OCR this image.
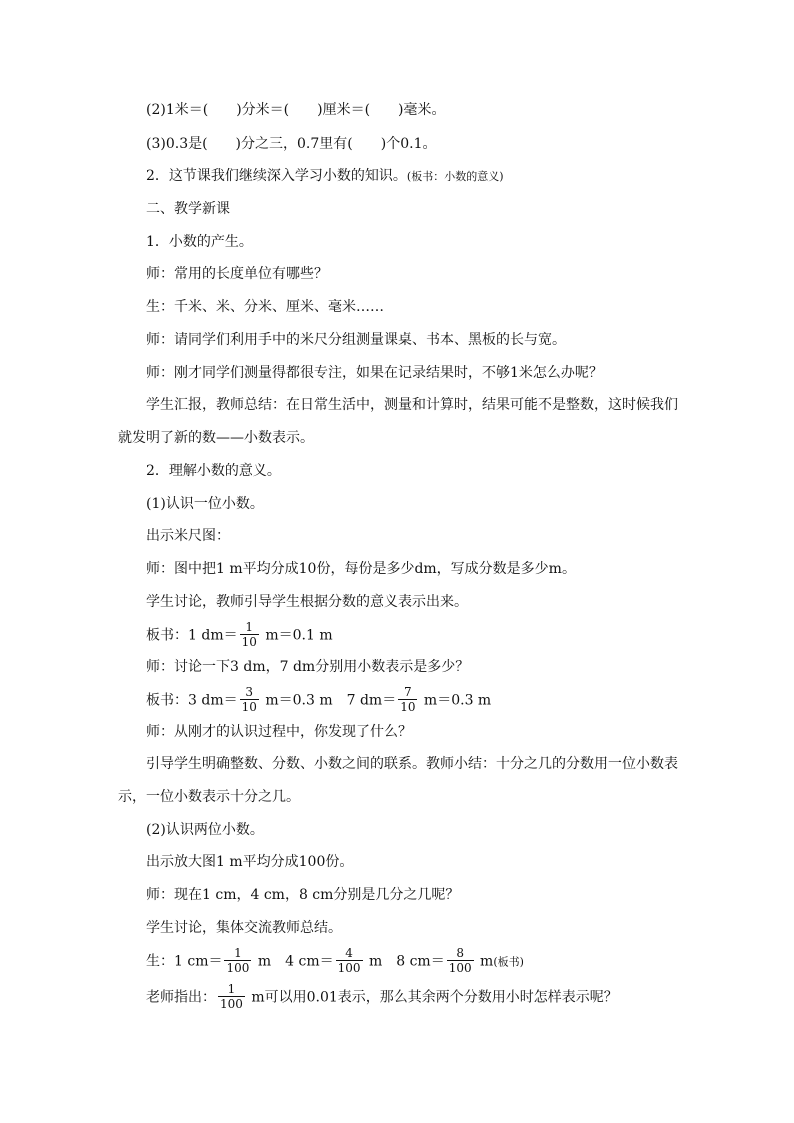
(2)1米＝(　　)分米＝(　　)厘米＝(　　)毫米。
(3)0.3是(　　)分之三，0.7里有(　　)个0.1。
2．这节课我们继续深入学习小数的知识。(板书：小数的意义)
二、教学新课
1．小数的产生。
师：常用的长度单位有哪些？
生：千米、米、分米、厘米、毫米……
师：请同学们利用手中的米尺分组测量课桌、书本、黑板的长与宽。
师：刚才同学们测量得都很专注，如果在记录结果时，不够1米怎么办呢？
学生汇报，教师总结：在日常生活中，测量和计算时，结果可能不是整数，这时候我们
就发明了新的数——小数表示。
2．理解小数的意义。
(1)认识一位小数。
出示米尺图：
师：图中把1 m平均分成10份，每份是多少dm，写成分数是多少m。
学生讨论，教师引导学生根据分数的意义表示出来。
板书：1 $dm= \frac{1}{10} m=0.1$ m
师：讨论一下3 dm，7 dm分别用小数表示是多少？
板书：3 $dm= \frac{3}{10} m=0.3$ m　7 $dm= \frac{7}{10} m=0.3$ m
师：从刚才的认识过程中，你发现了什么？
引导学生明确整数、分数、小数之间的联系。教师小结：十分之几的分数用一位小数表
示，一位小数表示十分之几。
(2)认识两位小数。
出示放大图1 m平均分成100份。
师：现在1 cm，4 cm，8 cm分别是几分之几呢？
学生讨论，集体交流教师总结。
生：1 $cm= \frac{1}{100}$ m　4 $cm= \frac{4}{100}$ m　8 $cm= \frac{8}{100} m$(板书)
老师指出： $\frac{1}{100}$ m可以用0.01表示，那么其余两个分数用小时怎样表示呢？
